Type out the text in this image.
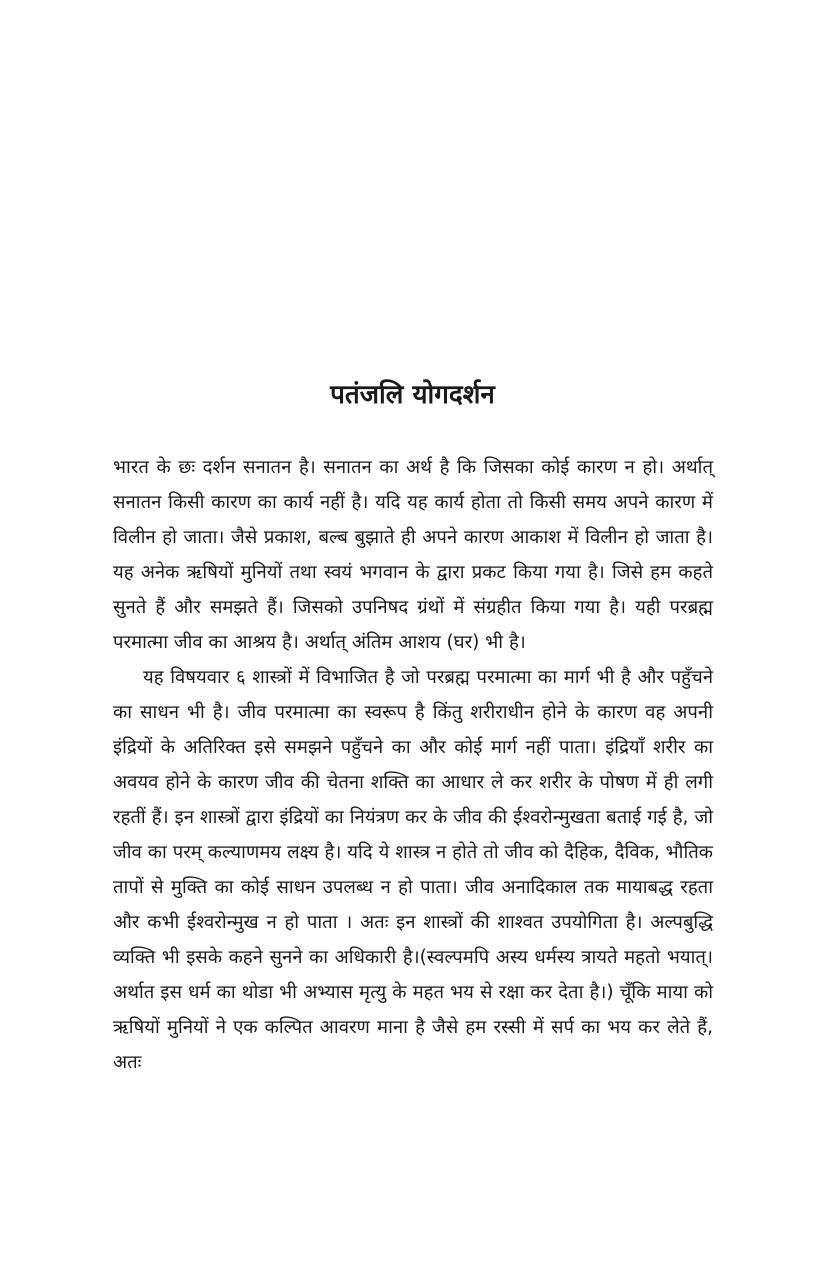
पतंजलि योगदर्शन

भारत के छः दर्शन सनातन है। सनातन का अर्थ है कि जिसका कोई कारण न हो। अर्थात् सनातन किसी कारण का कार्य नहीं है। यदि यह कार्य होता तो किसी समय अपने कारण में विलीन हो जाता। जैसे प्रकाश, बल्ब बुझाते ही अपने कारण आकाश में विलीन हो जाता है। यह अनेक ऋषियों मुनियों तथा स्वयं भगवान के द्वारा प्रकट किया गया है। जिसे हम कहते सुनते हैं और समझते हैं। जिसको उपनिषद ग्रंथों में संग्रहीत किया गया है। यही परब्रह्म परमात्मा जीव का आश्रय है। अर्थात् अंतिम आशय (घर) भी है।

यह विषयवार ६ शास्त्रों में विभाजित है जो परब्रह्म परमात्मा का मार्ग भी है और पहुँचने का साधन भी है। जीव परमात्मा का स्वरूप है किंतु शरीराधीन होने के कारण वह अपनी इंद्रियों के अतिरिक्त इसे समझने पहुँचने का और कोई मार्ग नहीं पाता। इंद्रियाँ शरीर का अवयव होने के कारण जीव की चेतना शक्ति का आधार ले कर शरीर के पोषण में ही लगी रहतीं हैं। इन शास्त्रों द्वारा इंद्रियों का नियंत्रण कर के जीव की ईश्वरोन्मुखता बताई गई है, जो जीव का परम् कल्याणमय लक्ष्य है। यदि ये शास्त्र न होते तो जीव को दैहिक, दैविक, भौतिक तापों से मुक्ति का कोई साधन उपलब्ध न हो पाता। जीव अनादिकाल तक मायाबद्ध रहता और कभी ईश्वरोन्मुख न हो पाता । अतः इन शास्त्रों की शाश्वत उपयोगिता है। अल्पबुद्धि व्यक्ति भी इसके कहने सुनने का अधिकारी है।(स्वल्पमपि अस्य धर्मस्य त्रायते महतो भयात्।अर्थात इस धर्म का थोडा भी अभ्यास मृत्यु के महत भय से रक्षा कर देता है।) चूँकि माया को ऋषियों मुनियों ने एक कल्पित आवरण माना है जैसे हम रस्सी में सर्प का भय कर लेते हैं, अतः
